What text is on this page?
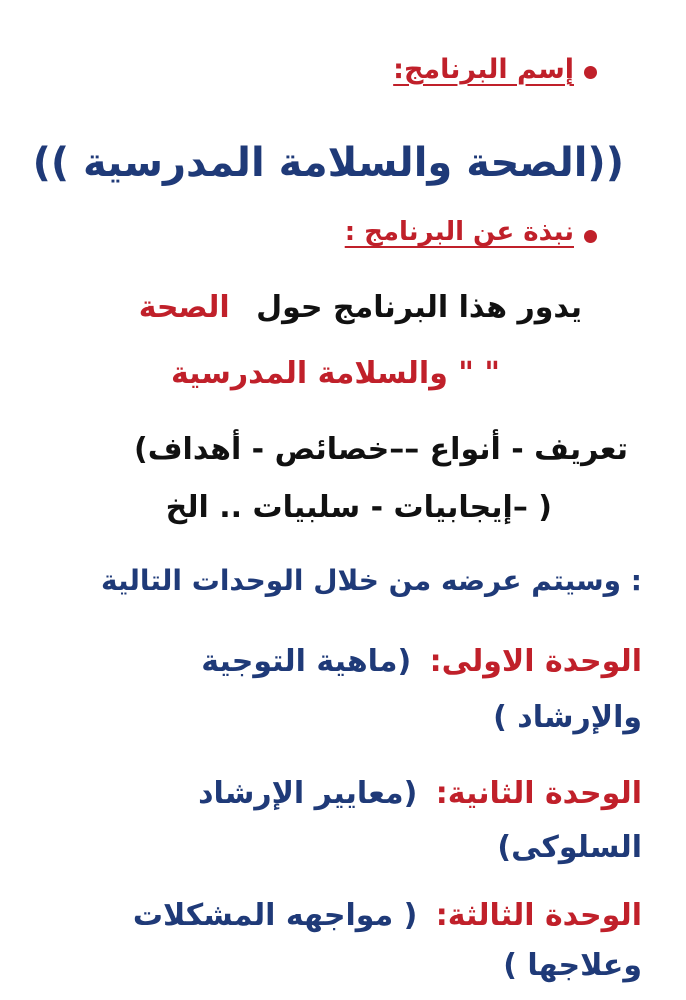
إسم البرنامج:
((الصحة والسلامة المدرسية ))
نبذة عن البرنامج :
يدور هذا البرنامج حول الصحة
" " والسلامة المدرسية
تعريف - أنواع ––خصائص - أهداف)
( –إيجابيات - سلبيات .. الخ
: وسيتم عرضه من خلال الوحدات التالية
الوحدة الاولى: (ماهية التوجية
والإرشاد )
الوحدة الثانية: (معايير الإرشاد
السلوكى)
الوحدة الثالثة: ( مواجهه المشكلات
وعلاجها )
